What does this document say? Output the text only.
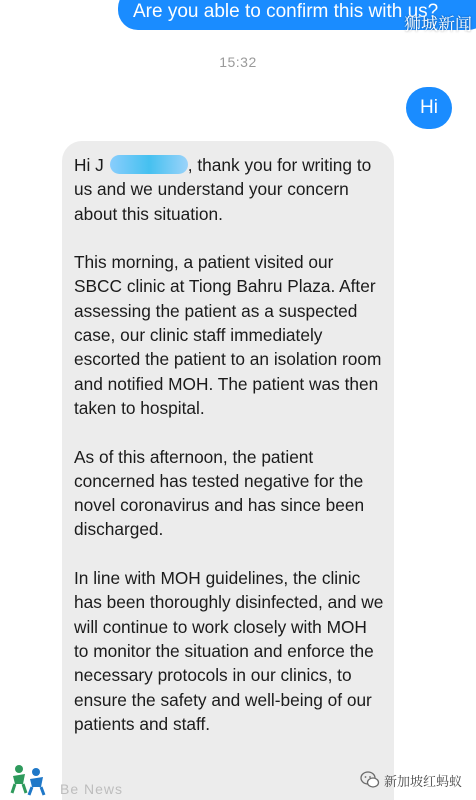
Are you able to confirm this with us?
狮城新闻
15:32
Hi

Hi J	, thank you for writing to us and we understand your concern about this situation.

This morning, a patient visited our SBCC clinic at Tiong Bahru Plaza. After assessing the patient as a suspected case, our clinic staff immediately escorted the patient to an isolation room and notified MOH. The patient was then taken to hospital.

As of this afternoon, the patient concerned has tested negative for the novel coronavirus and has since been discharged.

In line with MOH guidelines, the clinic has been thoroughly disinfected, and we will continue to work closely with MOH to monitor the situation and enforce the necessary protocols in our clinics, to ensure the safety and well-being of our patients and staff.

Be News	新加坡红蚂蚁
